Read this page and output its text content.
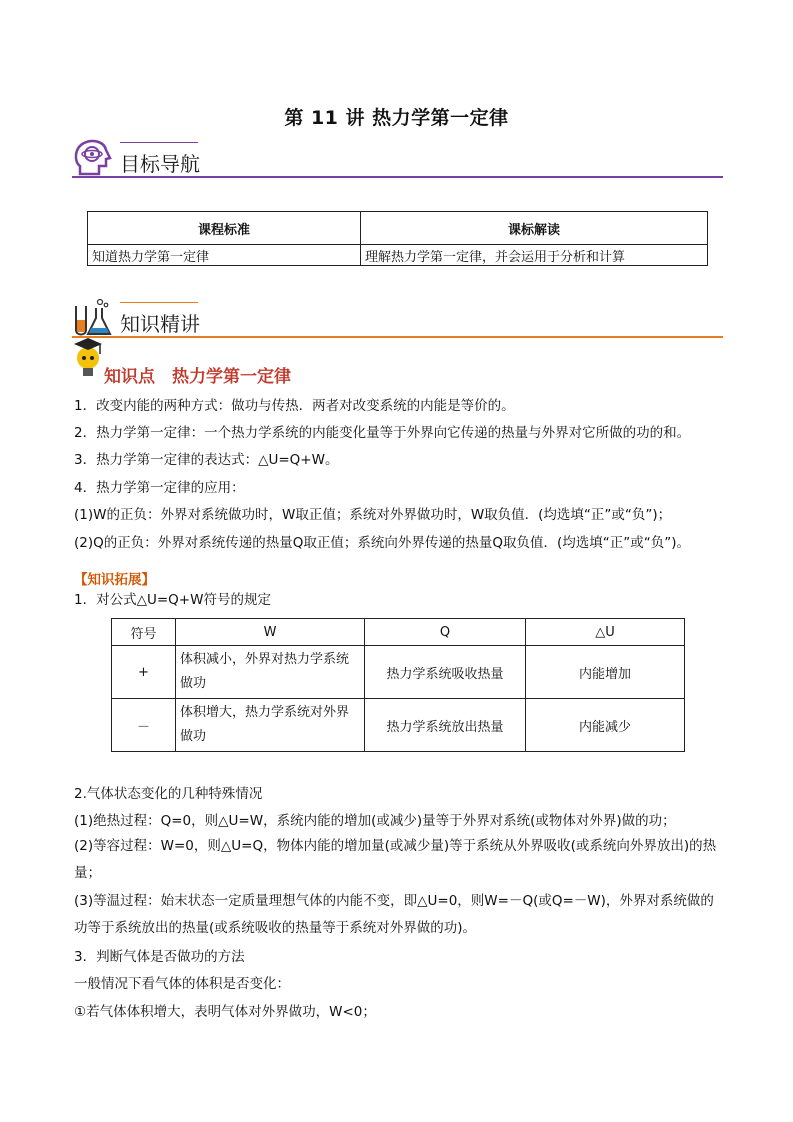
第 11 讲 热力学第一定律
目标导航
课程标准	课标解读
知道热力学第一定律	理解热力学第一定律，并会运用于分析和计算
知识精讲
知识点　热力学第一定律
1．改变内能的两种方式：做功与传热．两者对改变系统的内能是等价的。
2．热力学第一定律：一个热力学系统的内能变化量等于外界向它传递的热量与外界对它所做的功的和。
3．热力学第一定律的表达式：△U=Q+W。
4．热力学第一定律的应用：
(1)W的正负：外界对系统做功时，W取正值；系统对外界做功时，W取负值．(均选填“正”或“负”)；
(2)Q的正负：外界对系统传递的热量Q取正值；系统向外界传递的热量Q取负值．(均选填“正”或“负”)。
【知识拓展】
1．对公式△U=Q+W符号的规定
符号	W	Q	△U
+	体积减小，外界对热力学系统做功	热力学系统吸收热量	内能增加
－	体积增大，热力学系统对外界做功	热力学系统放出热量	内能减少
2.气体状态变化的几种特殊情况
(1)绝热过程：Q=0，则△U=W，系统内能的增加(或减少)量等于外界对系统(或物体对外界)做的功；
(2)等容过程：W=0，则△U=Q，物体内能的增加量(或减少量)等于系统从外界吸收(或系统向外界放出)的热量；
(3)等温过程：始末状态一定质量理想气体的内能不变，即△U=0，则W=－Q(或Q=－W)，外界对系统做的功等于系统放出的热量(或系统吸收的热量等于系统对外界做的功)。
3．判断气体是否做功的方法
一般情况下看气体的体积是否变化：
①若气体体积增大，表明气体对外界做功，W<0；
